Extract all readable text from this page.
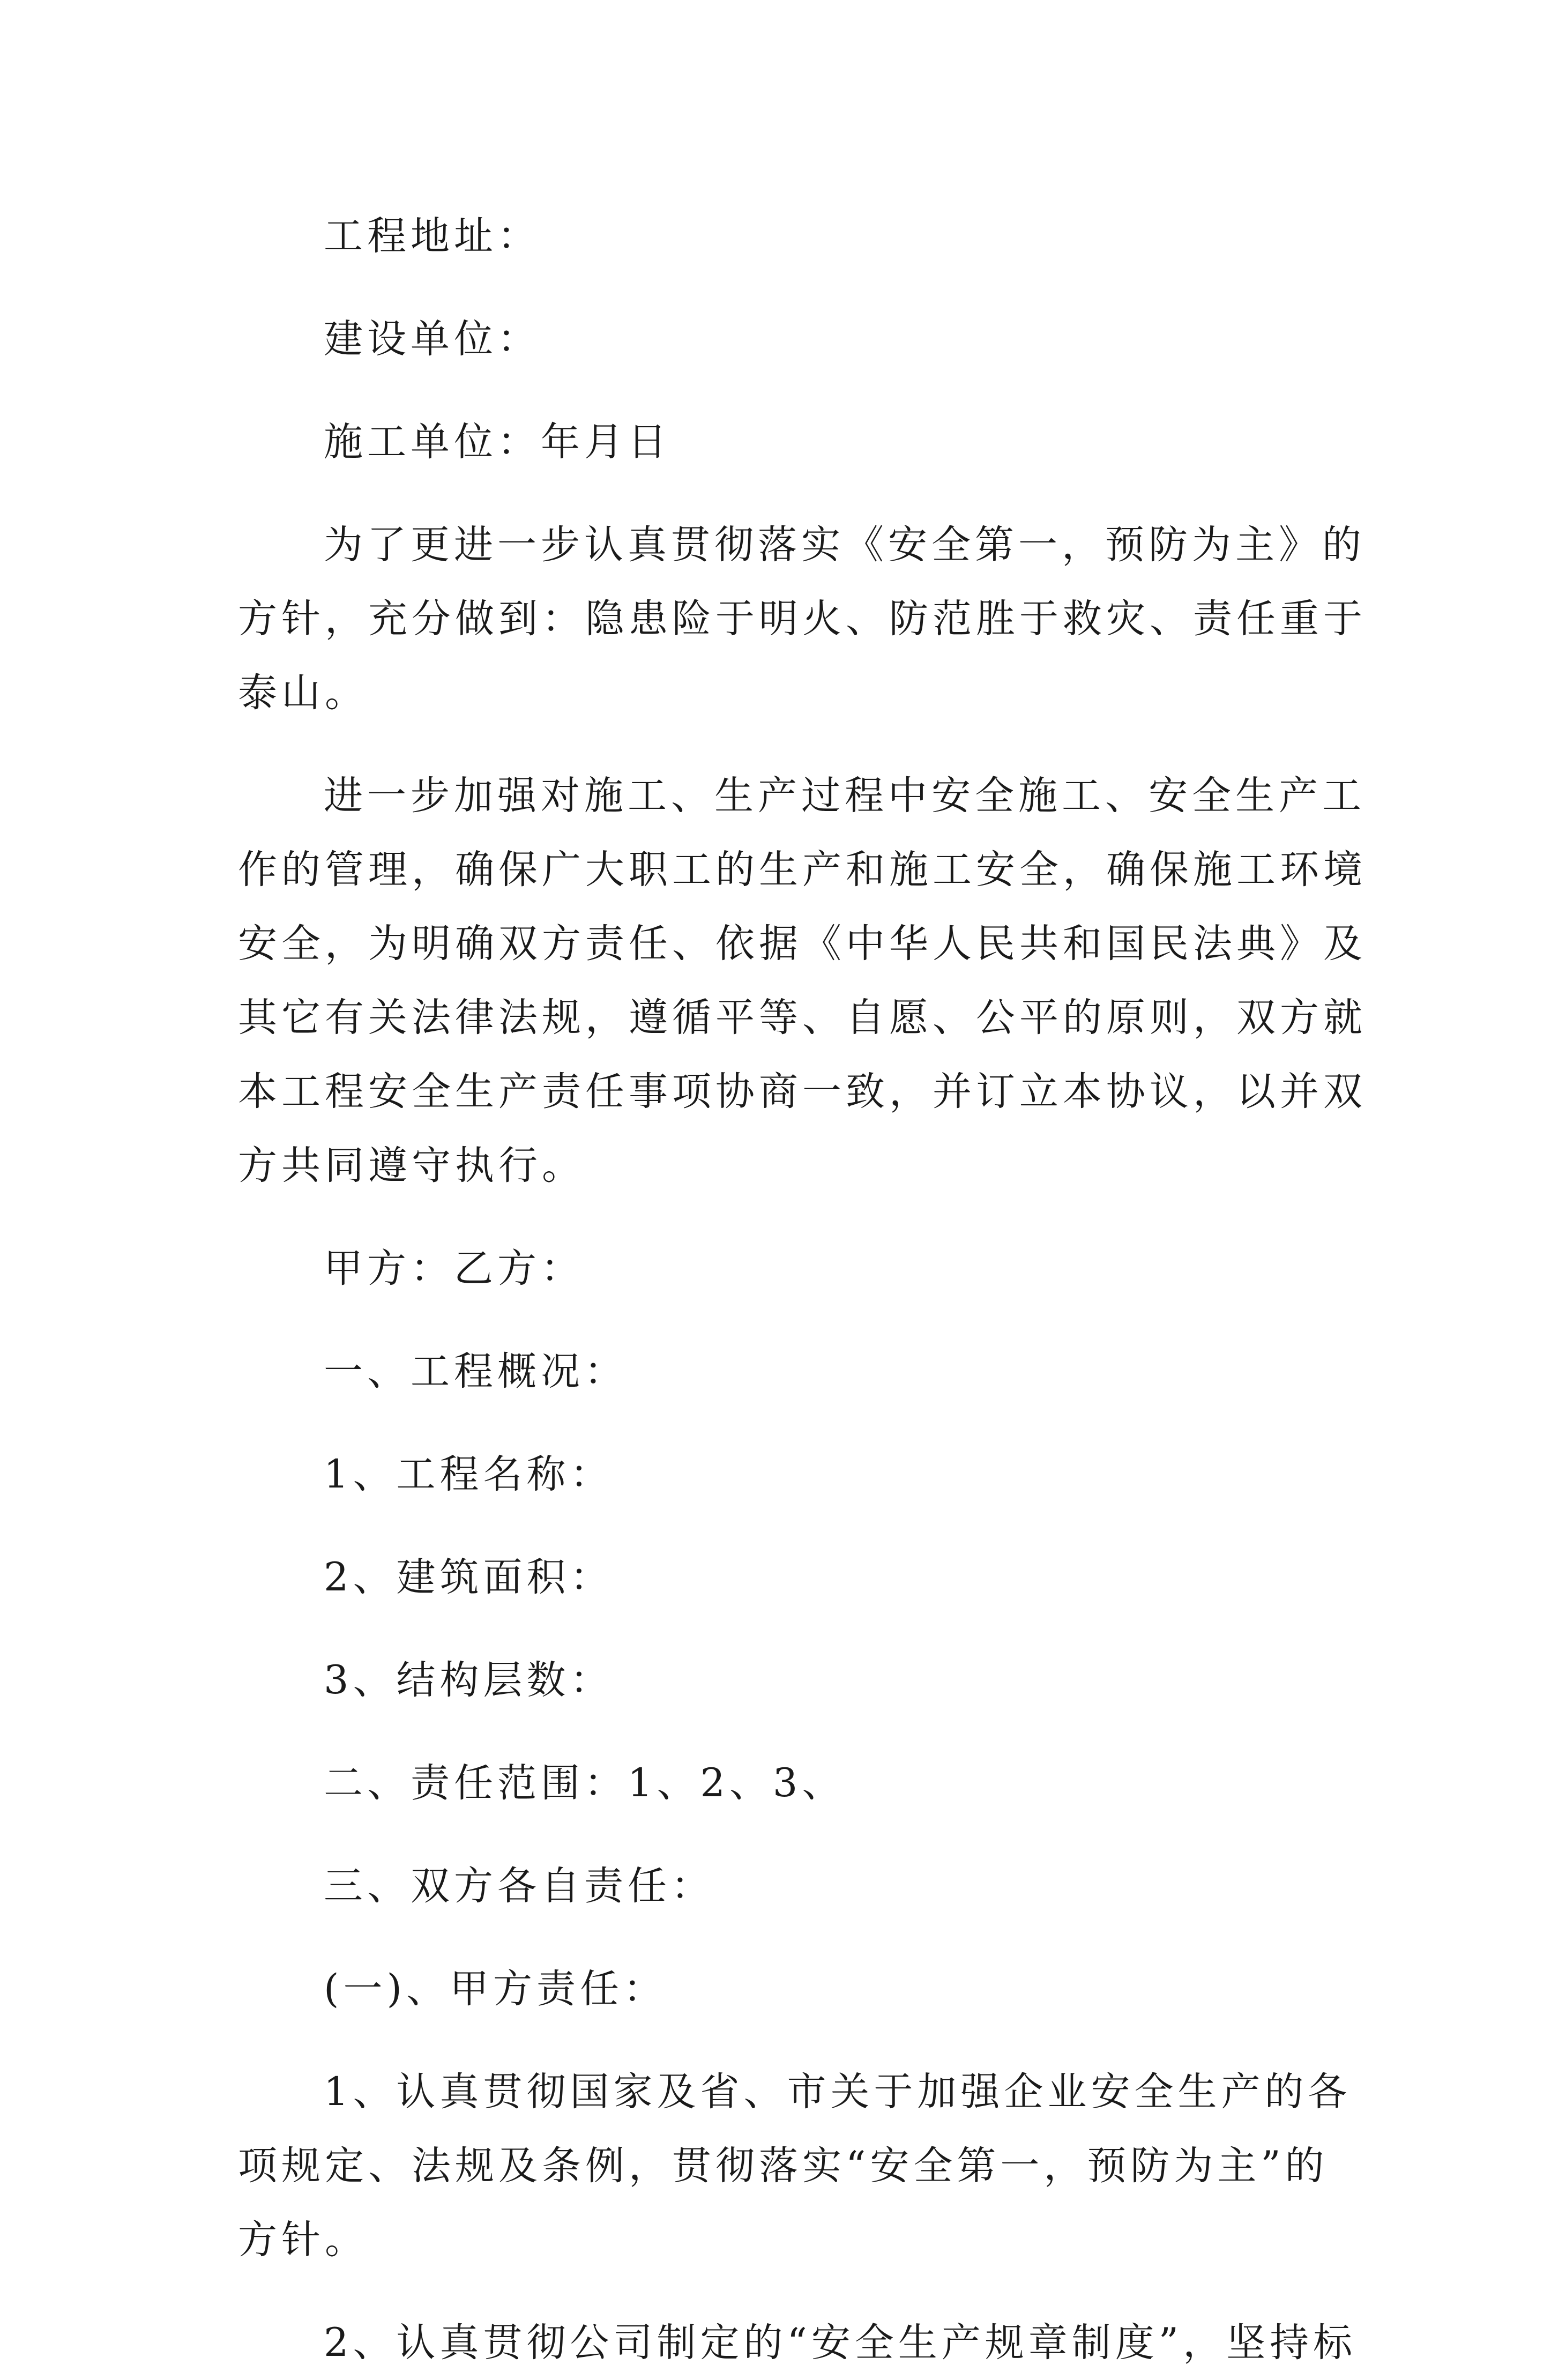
工程地址：
建设单位：
施工单位：年月日
为了更进一步认真贯彻落实《安全第一，预防为主》的
方针，充分做到：隐患险于明火、防范胜于救灾、责任重于
泰山。
进一步加强对施工、生产过程中安全施工、安全生产工
作的管理，确保广大职工的生产和施工安全，确保施工环境
安全，为明确双方责任、依据《中华人民共和国民法典》及
其它有关法律法规，遵循平等、自愿、公平的原则，双方就
本工程安全生产责任事项协商一致，并订立本协议，以并双
方共同遵守执行。
甲方：乙方：
一、工程概况：
1、工程名称：
2、建筑面积：
3、结构层数：
二、责任范围：1、2、3、
三、双方各自责任：
(一)、甲方责任：
1、认真贯彻国家及省、市关于加强企业安全生产的各
项规定、法规及条例，贯彻落实“安全第一，预防为主”的
方针。
2、认真贯彻公司制定的“安全生产规章制度”，坚持标
